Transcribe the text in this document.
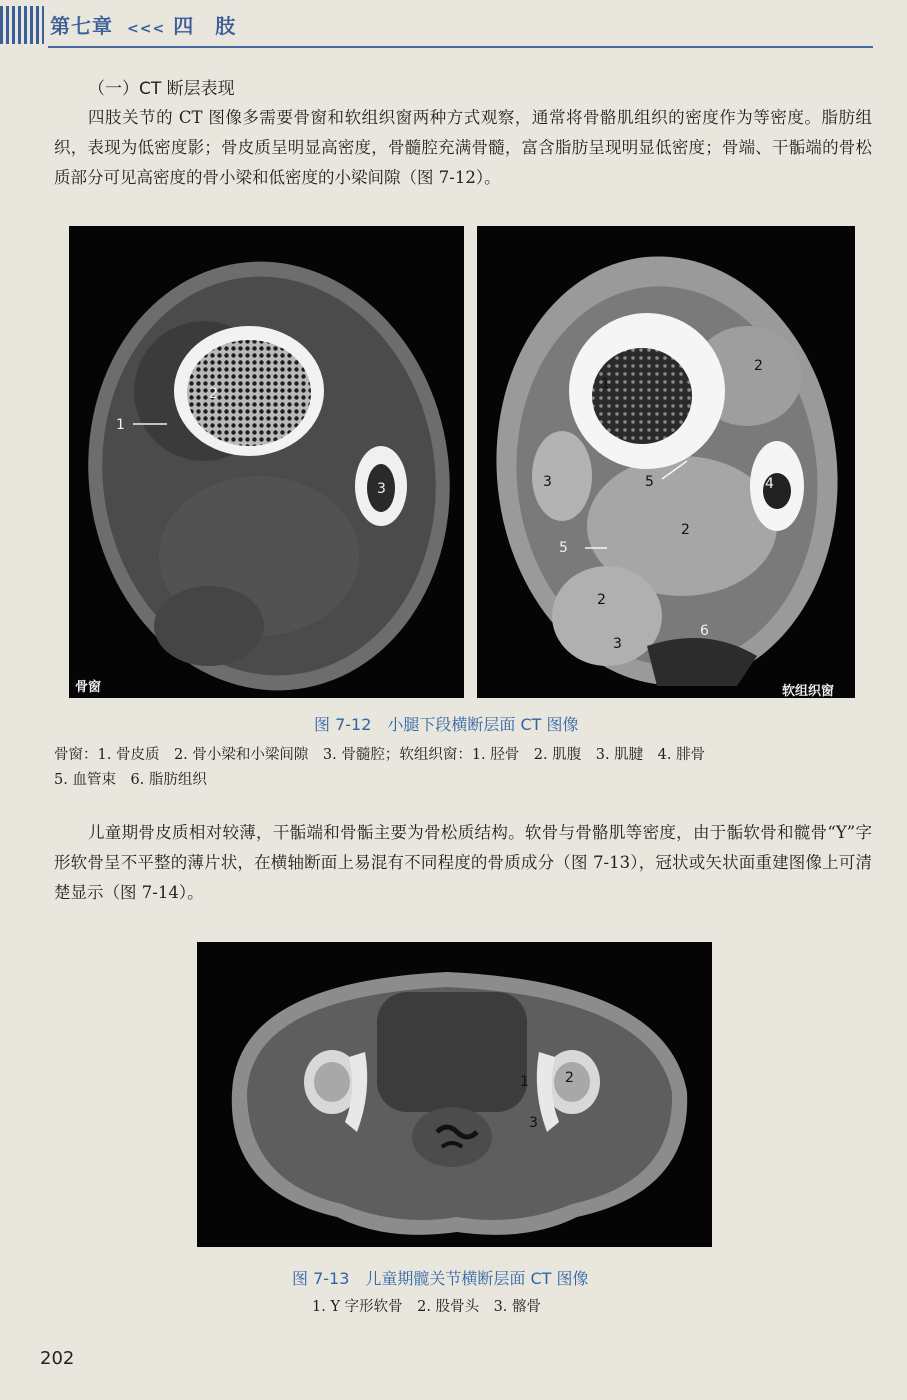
第七章 <<< 四　肢
（一）CT 断层表现

四肢关节的 CT 图像多需要骨窗和软组织窗两种方式观察，通常将骨骼肌组织的密度作为等密度。脂肪组织，表现为低密度影；骨皮质呈明显高密度，骨髓腔充满骨髓，富含脂肪呈现明显低密度；骨端、干骺端的骨松质部分可见高密度的骨小梁和低密度的小梁间隙（图 7-12）。

1
2
3
骨窗
1
2
2
2
3
3
4
5
5
6
软组织窗
图 7-12　小腿下段横断层面 CT 图像
骨窗：1. 骨皮质　2. 骨小梁和小梁间隙　3. 骨髓腔；软组织窗：1. 胫骨　2. 肌腹　3. 肌腱　4. 腓骨
5. 血管束　6. 脂肪组织

儿童期骨皮质相对较薄，干骺端和骨骺主要为骨松质结构。软骨与骨骼肌等密度，由于骺软骨和髋骨“Y”字形软骨呈不平整的薄片状，在横轴断面上易混有不同程度的骨质成分（图 7-13），冠状或矢状面重建图像上可清楚显示（图 7-14）。

1	2
3
图 7-13　儿童期髋关节横断层面 CT 图像
1. Y 字形软骨　2. 股骨头　3. 髂骨
202
